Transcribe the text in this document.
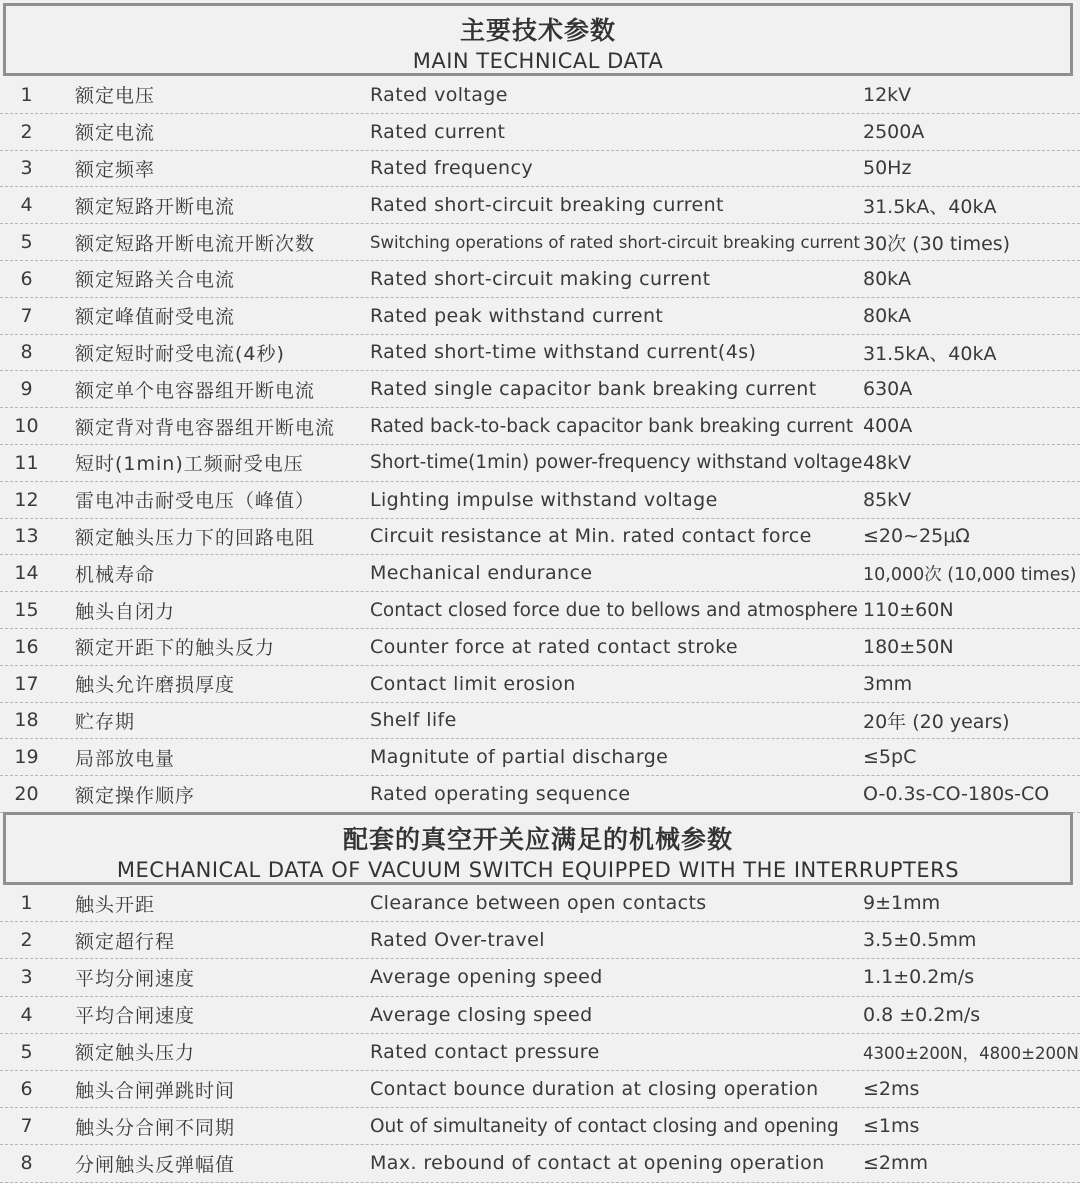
主要技术参数
MAIN TECHNICAL DATA
1	额定电压	Rated voltage	12kV
2	额定电流	Rated current	2500A
3	额定频率	Rated frequency	50Hz
4	额定短路开断电流	Rated short-circuit breaking current	31.5kA、40kA
5	额定短路开断电流开断次数	Switching operations of rated short-circuit breaking current 30次 (30 times)
6	额定短路关合电流	Rated short-circuit making current	80kA
7	额定峰值耐受电流	Rated peak withstand current	80kA
8	额定短时耐受电流(4秒)	Rated short-time withstand current(4s)	31.5kA、40kA
9	额定单个电容器组开断电流	Rated single capacitor bank breaking current	630A
10	额定背对背电容器组开断电流	Rated back-to-back capacitor bank breaking current 400A
11	短时(1min)工频耐受电压	Short-time(1min) power-frequency withstand voltage 48kV
12	雷电冲击耐受电压（峰值）	Lighting impulse withstand voltage	85kV
13	额定触头压力下的回路电阻	Circuit resistance at Min. rated contact force	≤20~25μΩ
14	机械寿命	Mechanical endurance	10,000次 (10,000 times)
15	触头自闭力	Contact closed force due to bellows and atmosphere 110±60N
16	额定开距下的触头反力	Counter force at rated contact stroke	180±50N
17	触头允许磨损厚度	Contact limit erosion	3mm
18	贮存期	Shelf life	20年 (20 years)
19	局部放电量	Magnitute of partial discharge	≤5pC
20	额定操作顺序	Rated operating sequence	O-0.3s-CO-180s-CO
配套的真空开关应满足的机械参数
MECHANICAL DATA OF VACUUM SWITCH EQUIPPED WITH THE INTERRUPTERS
1	触头开距	Clearance between open contacts	9±1mm
2	额定超行程	Rated Over-travel	3.5±0.5mm
3	平均分闸速度	Average opening speed	1.1±0.2m/s
4	平均合闸速度	Average closing speed	0.8 ±0.2m/s
5	额定触头压力	Rated contact pressure	4300±200N，4800±200N
6	触头合闸弹跳时间	Contact bounce duration at closing operation	≤2ms
7	触头分合闸不同期	Out of simultaneity of contact closing and opening	≤1ms
8	分闸触头反弹幅值	Max. rebound of contact at opening operation	≤2mm
